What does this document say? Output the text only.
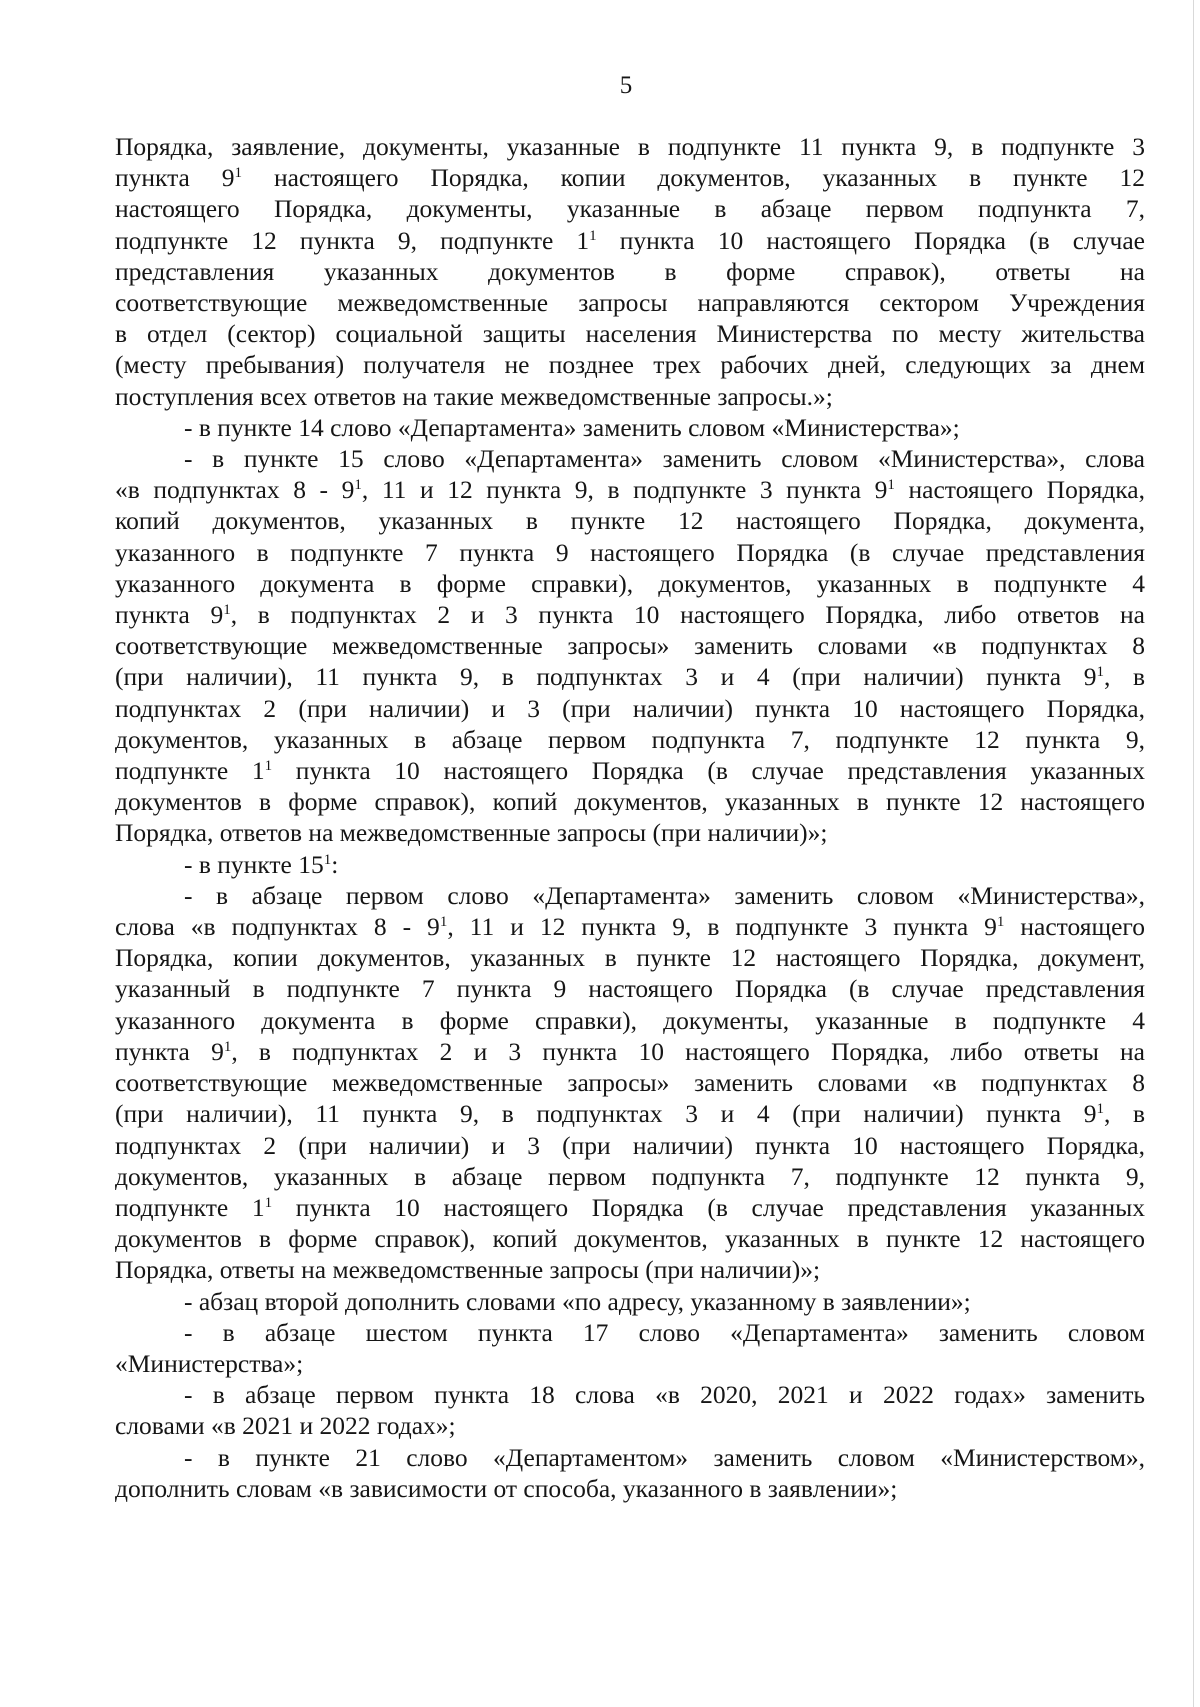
5

Порядка, заявление, документы, указанные в подпункте 11 пункта 9, в подпункте 3
пункта $9^1$ настоящего Порядка, копии документов, указанных в пункте 12
настоящего Порядка, документы, указанные в абзаце первом подпункта 7,
подпункте 12 пункта 9, подпункте $1^1$ пункта 10 настоящего Порядка (в случае
представления указанных документов в форме справок), ответы на
соответствующие межведомственные запросы направляются сектором Учреждения
в отдел (сектор) социальной защиты населения Министерства по месту жительства
(месту пребывания) получателя не позднее трех рабочих дней, следующих за днем
поступления всех ответов на такие межведомственные запросы.»;

- в пункте 14 слово «Департамента» заменить словом «Министерства»;

- в пункте 15 слово «Департамента» заменить словом «Министерства», слова
«в подпунктах $8 - 9^1$, 11 и 12 пункта 9, в подпункте 3 пункта $9^1$ настоящего Порядка,
копий документов, указанных в пункте 12 настоящего Порядка, документа,
указанного в подпункте 7 пункта 9 настоящего Порядка (в случае представления
указанного документа в форме справки), документов, указанных в подпункте 4
пункта $9^1$, в подпунктах 2 и 3 пункта 10 настоящего Порядка, либо ответов на
соответствующие межведомственные запросы» заменить словами «в подпунктах 8
(при наличии), 11 пункта 9, в подпунктах 3 и 4 (при наличии) пункта $9^1$, в
подпунктах 2 (при наличии) и 3 (при наличии) пункта 10 настоящего Порядка,
документов, указанных в абзаце первом подпункта 7, подпункте 12 пункта 9,
подпункте $1^1$ пункта 10 настоящего Порядка (в случае представления указанных
документов в форме справок), копий документов, указанных в пункте 12 настоящего
Порядка, ответов на межведомственные запросы (при наличии)»;

- в пункте $15^1$:

- в абзаце первом слово «Департамента» заменить словом «Министерства»,
слова «в подпунктах $8 - 9^1$, 11 и 12 пункта 9, в подпункте 3 пункта $9^1$ настоящего
Порядка, копии документов, указанных в пункте 12 настоящего Порядка, документ,
указанный в подпункте 7 пункта 9 настоящего Порядка (в случае представления
указанного документа в форме справки), документы, указанные в подпункте 4
пункта $9^1$, в подпунктах 2 и 3 пункта 10 настоящего Порядка, либо ответы на
соответствующие межведомственные запросы» заменить словами «в подпунктах 8
(при наличии), 11 пункта 9, в подпунктах 3 и 4 (при наличии) пункта $9^1$, в
подпунктах 2 (при наличии) и 3 (при наличии) пункта 10 настоящего Порядка,
документов, указанных в абзаце первом подпункта 7, подпункте 12 пункта 9,
подпункте $1^1$ пункта 10 настоящего Порядка (в случае представления указанных
документов в форме справок), копий документов, указанных в пункте 12 настоящего
Порядка, ответы на межведомственные запросы (при наличии)»;

- абзац второй дополнить словами «по адресу, указанному в заявлении»;

- в абзаце шестом пункта 17 слово «Департамента» заменить словом
«Министерства»;

- в абзаце первом пункта 18 слова «в 2020, 2021 и 2022 годах» заменить
словами «в 2021 и 2022 годах»;

- в пункте 21 слово «Департаментом» заменить словом «Министерством»,
дополнить словам «в зависимости от способа, указанного в заявлении»;
